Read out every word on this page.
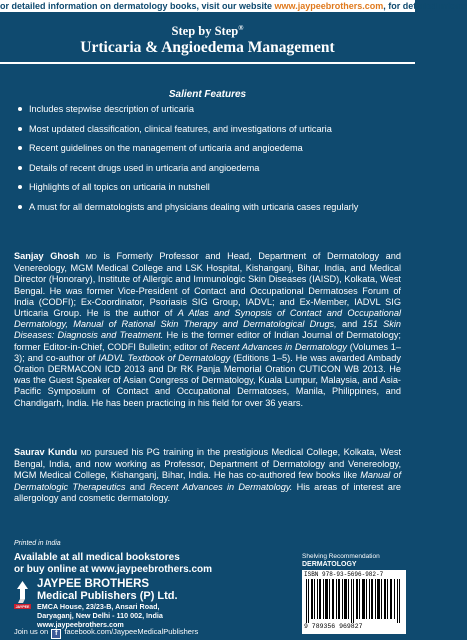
or detailed information on dermatology books, visit our website www.jaypeebrothers.com, for detailed inform
Step by Step®
Urticaria & Angioedema Management
Salient Features
Includes stepwise description of urticaria
Most updated classification, clinical features, and investigations of urticaria
Recent guidelines on the management of urticaria and angioedema
Details of recent drugs used in urticaria and angioedema
Highlights of all topics on urticaria in nutshell
A must for all dermatologists and physicians dealing with urticaria cases regularly

Sanjay Ghosh MD is Formerly Professor and Head, Department of Dermatology and Venereology, MGM Medical College and LSK Hospital, Kishanganj, Bihar, India, and Medical Director (Honorary), Institute of Allergic and Immunologic Skin Diseases (IAISD), Kolkata, West Bengal. He was former Vice-President of Contact and Occupational Dermatoses Forum of India (CODFI); Ex-Coordinator, Psoriasis SIG Group, IADVL; and Ex-Member, IADVL SIG Urticaria Group. He is the author of A Atlas and Synopsis of Contact and Occupational Dermatology, Manual of Rational Skin Therapy and Dermatological Drugs, and 151 Skin Diseases: Diagnosis and Treatment. He is the former editor of Indian Journal of Dermatology; former Editor-in-Chief, CODFI Bulletin; editor of Recent Advances in Dermatology (Volumes 1–3); and co-author of IADVL Textbook of Dermatology (Editions 1–5). He was awarded Ambady Oration DERMACON ICD 2013 and Dr RK Panja Memorial Oration CUTICON WB 2013. He was the Guest Speaker of Asian Congress of Dermatology, Kuala Lumpur, Malaysia, and Asia-Pacific Symposium of Contact and Occupational Dermatoses, Manila, Philippines, and Chandigarh, India. He has been practicing in his field for over 36 years.

Saurav Kundu MD pursued his PG training in the prestigious Medical College, Kolkata, West Bengal, India, and now working as Professor, Department of Dermatology and Venereology, MGM Medical College, Kishanganj, Bihar, India. He has co-authored few books like Manual of Dermatologic Therapeutics and Recent Advances in Dermatology. His areas of interest are allergology and cosmetic dermatology.

Printed in India
Available at all medical bookstores
or buy online at www.jaypeebrothers.com
JAYPEE
JAYPEE BROTHERS
Medical Publishers (P) Ltd.
EMCA House, 23/23-B, Ansari Road,
Daryaganj, New Delhi - 110 002, India
www.jaypeebrothers.com
Join us on f facebook.com/JaypeeMedicalPublishers
Shelving Recommendation
DERMATOLOGY
ISBN 978-93-5696-982-7
9 789356 969827
